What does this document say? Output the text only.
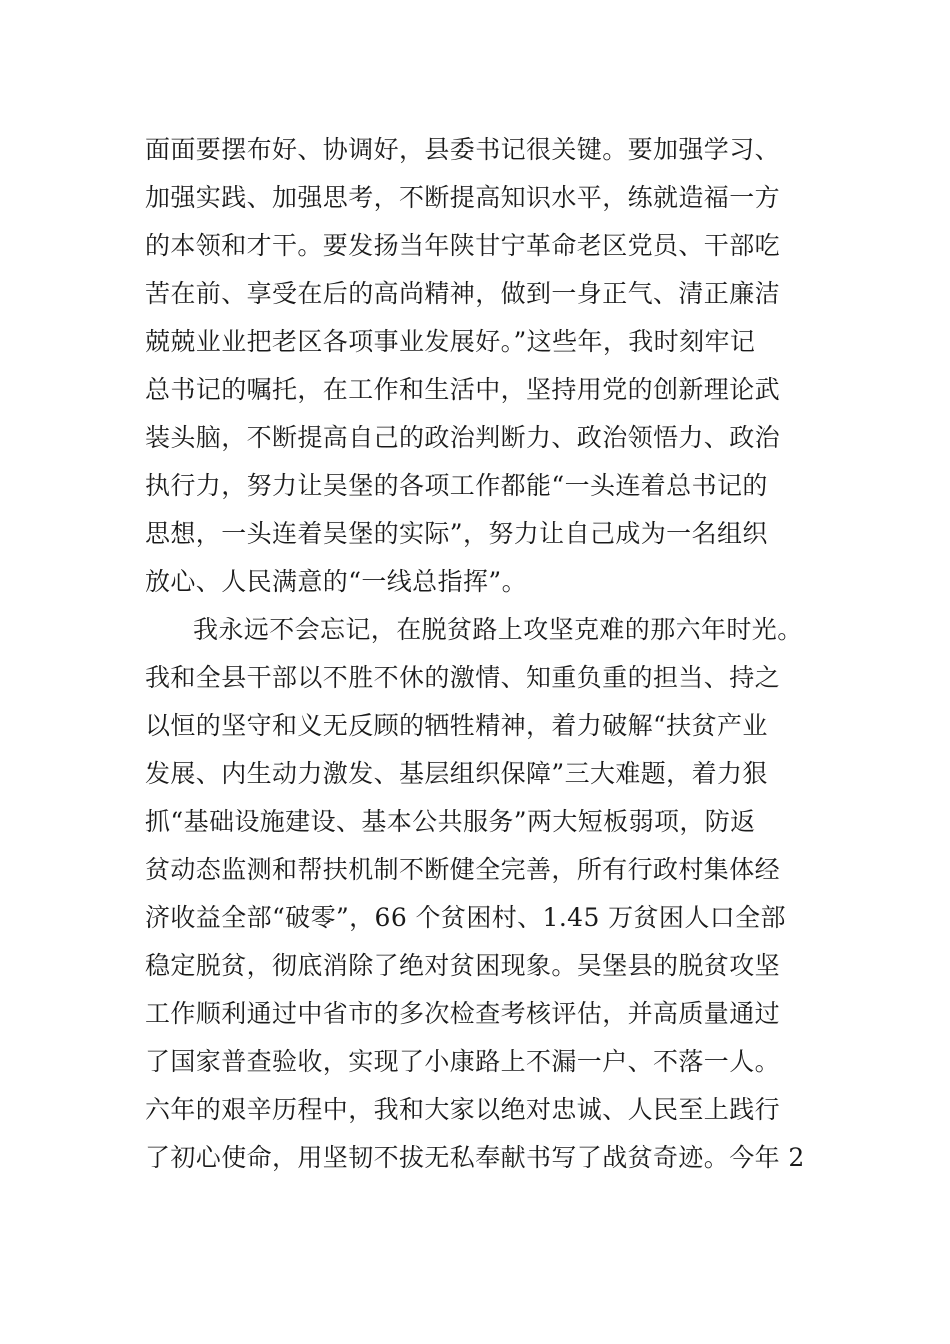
面面要摆布好、协调好，县委书记很关键。要加强学习、
加强实践、加强思考，不断提高知识水平，练就造福一方
的本领和才干。要发扬当年陕甘宁革命老区党员、干部吃
苦在前、享受在后的高尚精神，做到一身正气、清正廉洁
兢兢业业把老区各项事业发展好。”这些年，我时刻牢记
总书记的嘱托，在工作和生活中，坚持用党的创新理论武
装头脑，不断提高自己的政治判断力、政治领悟力、政治
执行力，努力让吴堡的各项工作都能“一头连着总书记的
思想，一头连着吴堡的实际”，努力让自己成为一名组织
放心、人民满意的“一线总指挥”。
我永远不会忘记，在脱贫路上攻坚克难的那六年时光。
我和全县干部以不胜不休的激情、知重负重的担当、持之
以恒的坚守和义无反顾的牺牲精神，着力破解“扶贫产业
发展、内生动力激发、基层组织保障”三大难题，着力狠
抓“基础设施建设、基本公共服务”两大短板弱项，防返
贫动态监测和帮扶机制不断健全完善，所有行政村集体经
济收益全部“破零”，66 个贫困村、1.45 万贫困人口全部
稳定脱贫，彻底消除了绝对贫困现象。吴堡县的脱贫攻坚
工作顺利通过中省市的多次检查考核评估，并高质量通过
了国家普查验收，实现了小康路上不漏一户、不落一人。
六年的艰辛历程中，我和大家以绝对忠诚、人民至上践行
了初心使命，用坚韧不拔无私奉献书写了战贫奇迹。今年 2
